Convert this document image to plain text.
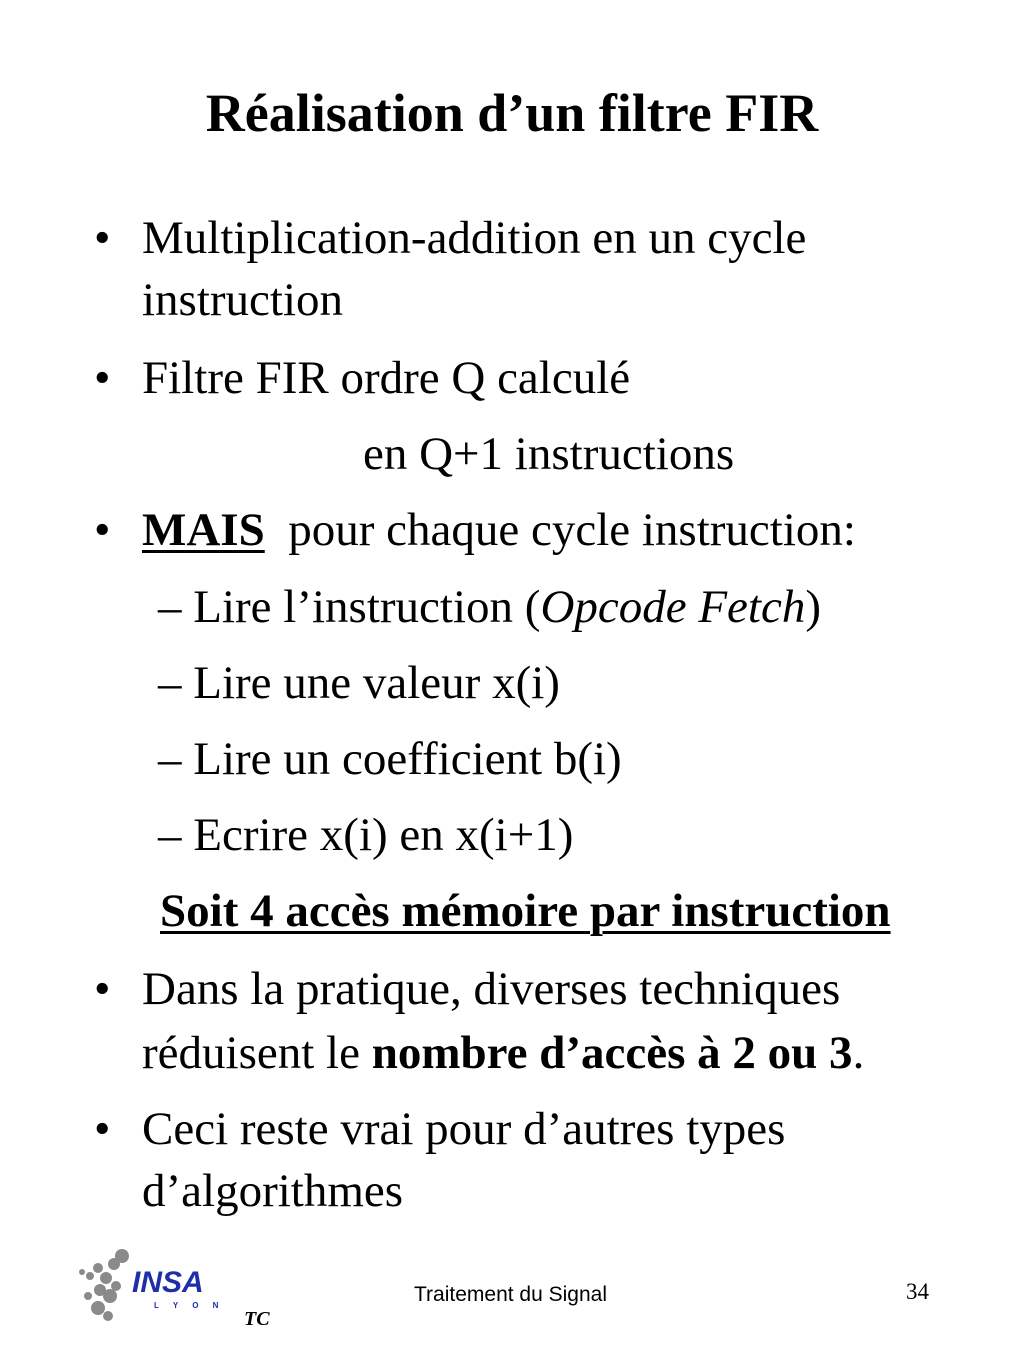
Réalisation d’un filtre FIR
• Multiplication-addition en un cycle
instruction
• Filtre FIR ordre Q calculé
en Q+1 instructions
• MAIS pour chaque cycle instruction:
– Lire l’instruction (Opcode Fetch)
– Lire une valeur x(i)
– Lire un coefficient b(i)
– Ecrire x(i) en x(i+1)
Soit 4 accès mémoire par instruction
• Dans la pratique, diverses techniques
réduisent le nombre d’accès à 2 ou 3.
• Ceci reste vrai pour d’autres types
d’algorithmes
INSA
L Y O N
TC
Traitement du Signal	34
